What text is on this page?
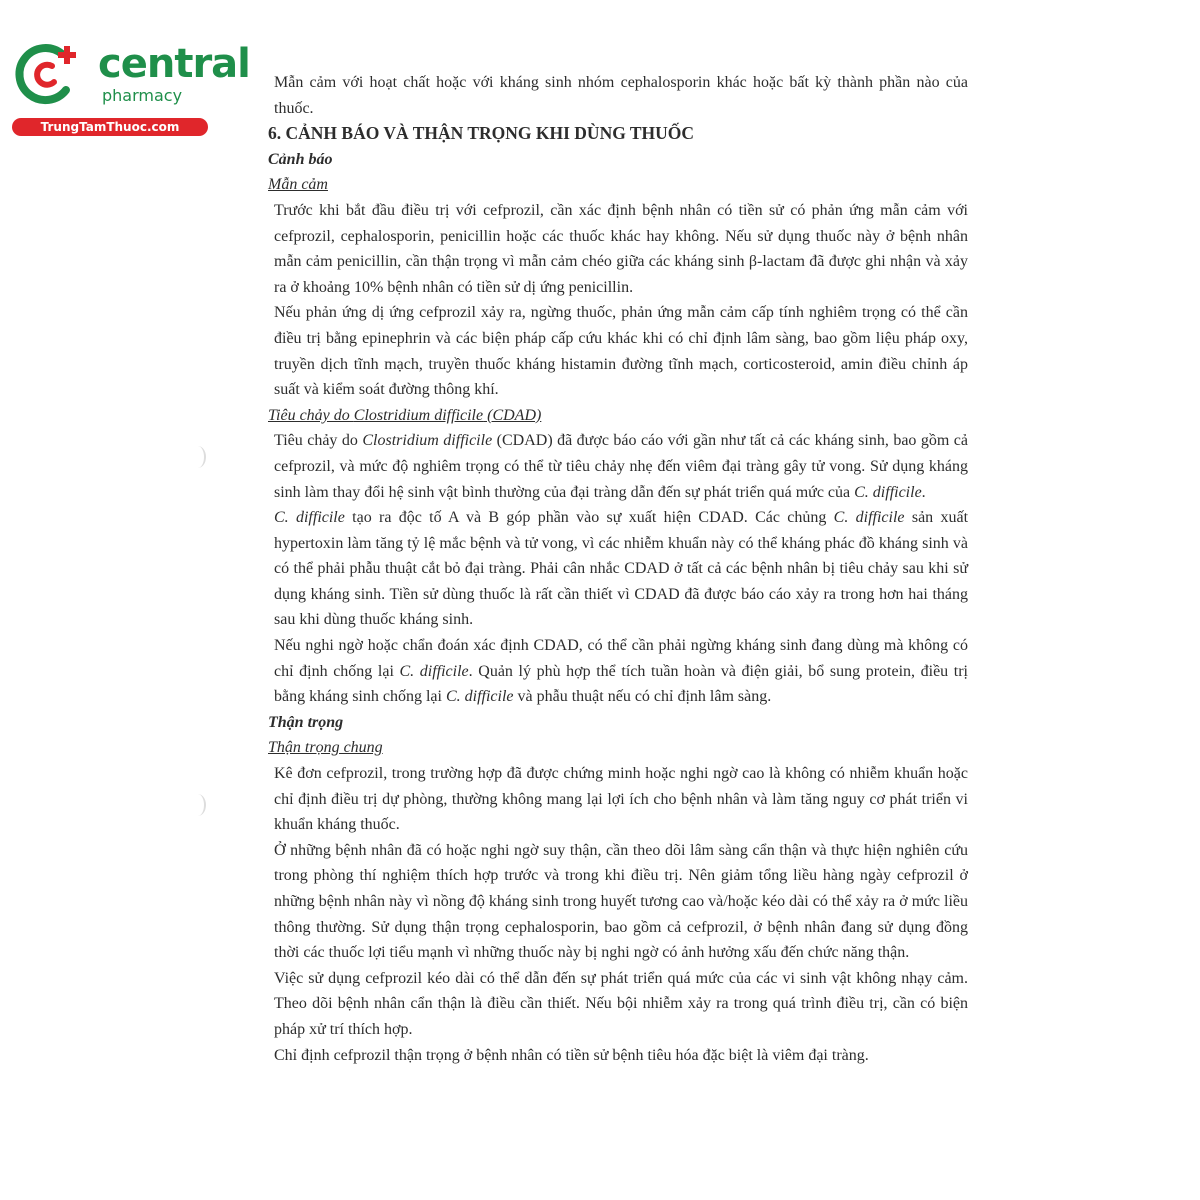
central
pharmacy
TrungTamThuoc.com

Mẫn cảm với hoạt chất hoặc với kháng sinh nhóm cephalosporin khác hoặc bất kỳ thành phần nào của thuốc.

6. CẢNH BÁO VÀ THẬN TRỌNG KHI DÙNG THUỐC

Cảnh báo

Mẫn cảm

Trước khi bắt đầu điều trị với cefprozil, cần xác định bệnh nhân có tiền sử có phản ứng mẫn cảm với cefprozil, cephalosporin, penicillin hoặc các thuốc khác hay không. Nếu sử dụng thuốc này ở bệnh nhân mẫn cảm penicillin, cần thận trọng vì mẫn cảm chéo giữa các kháng sinh β-lactam đã được ghi nhận và xảy ra ở khoảng 10% bệnh nhân có tiền sử dị ứng penicillin.

Nếu phản ứng dị ứng cefprozil xảy ra, ngừng thuốc, phản ứng mẫn cảm cấp tính nghiêm trọng có thể cần điều trị bằng epinephrin và các biện pháp cấp cứu khác khi có chỉ định lâm sàng, bao gồm liệu pháp oxy, truyền dịch tĩnh mạch, truyền thuốc kháng histamin đường tĩnh mạch, corticosteroid, amin điều chỉnh áp suất và kiểm soát đường thông khí.

Tiêu chảy do Clostridium difficile (CDAD)

Tiêu chảy do Clostridium difficile (CDAD) đã được báo cáo với gần như tất cả các kháng sinh, bao gồm cả cefprozil, và mức độ nghiêm trọng có thể từ tiêu chảy nhẹ đến viêm đại tràng gây tử vong. Sử dụng kháng sinh làm thay đổi hệ sinh vật bình thường của đại tràng dẫn đến sự phát triển quá mức của C. difficile.

C. difficile tạo ra độc tố A và B góp phần vào sự xuất hiện CDAD. Các chủng C. difficile sản xuất hypertoxin làm tăng tỷ lệ mắc bệnh và tử vong, vì các nhiễm khuẩn này có thể kháng phác đồ kháng sinh và có thể phải phẫu thuật cắt bỏ đại tràng. Phải cân nhắc CDAD ở tất cả các bệnh nhân bị tiêu chảy sau khi sử dụng kháng sinh. Tiền sử dùng thuốc là rất cần thiết vì CDAD đã được báo cáo xảy ra trong hơn hai tháng sau khi dùng thuốc kháng sinh.

Nếu nghi ngờ hoặc chẩn đoán xác định CDAD, có thể cần phải ngừng kháng sinh đang dùng mà không có chỉ định chống lại C. difficile. Quản lý phù hợp thể tích tuần hoàn và điện giải, bổ sung protein, điều trị bằng kháng sinh chống lại C. difficile và phẫu thuật nếu có chỉ định lâm sàng.

Thận trọng

Thận trọng chung

Kê đơn cefprozil, trong trường hợp đã được chứng minh hoặc nghi ngờ cao là không có nhiễm khuẩn hoặc chỉ định điều trị dự phòng, thường không mang lại lợi ích cho bệnh nhân và làm tăng nguy cơ phát triển vi khuẩn kháng thuốc.

Ở những bệnh nhân đã có hoặc nghi ngờ suy thận, cần theo dõi lâm sàng cẩn thận và thực hiện nghiên cứu trong phòng thí nghiệm thích hợp trước và trong khi điều trị. Nên giảm tổng liều hàng ngày cefprozil ở những bệnh nhân này vì nồng độ kháng sinh trong huyết tương cao và/hoặc kéo dài có thể xảy ra ở mức liều thông thường. Sử dụng thận trọng cephalosporin, bao gồm cả cefprozil, ở bệnh nhân đang sử dụng đồng thời các thuốc lợi tiểu mạnh vì những thuốc này bị nghi ngờ có ảnh hưởng xấu đến chức năng thận.

Việc sử dụng cefprozil kéo dài có thể dẫn đến sự phát triển quá mức của các vi sinh vật không nhạy cảm. Theo dõi bệnh nhân cẩn thận là điều cần thiết. Nếu bội nhiễm xảy ra trong quá trình điều trị, cần có biện pháp xử trí thích hợp.

Chỉ định cefprozil thận trọng ở bệnh nhân có tiền sử bệnh tiêu hóa đặc biệt là viêm đại tràng.
